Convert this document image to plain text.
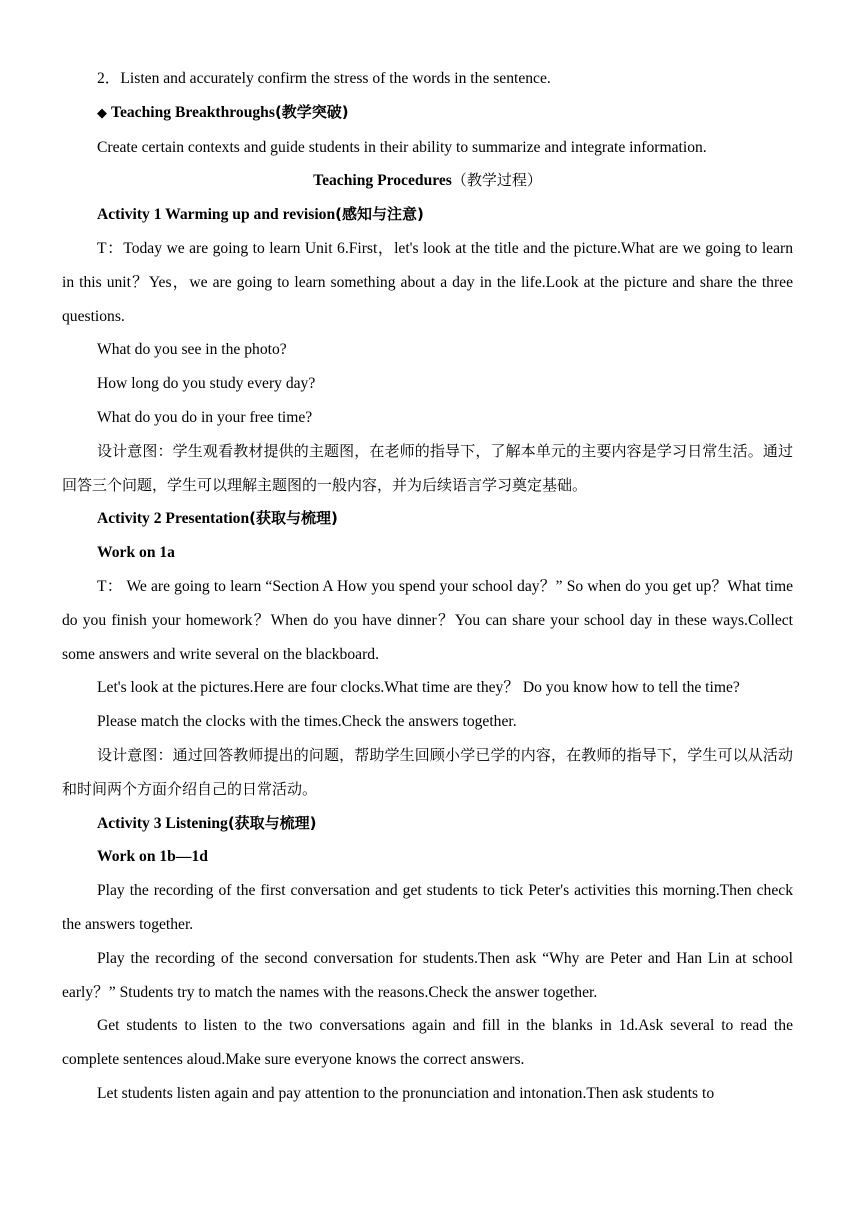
2．Listen and accurately confirm the stress of the words in the sentence.

◆ Teaching Breakthroughs(教学突破)

Create certain contexts and guide students in their ability to summarize and integrate information.

Teaching Procedures（教学过程）

Activity 1 Warming up and revision(感知与注意)

T：Today we are going to learn Unit 6.First，let's look at the title and the picture.What are we going to learn in this unit？Yes，we are going to learn something about a day in the life.Look at the picture and share the three questions.

What do you see in the photo?

How long do you study every day?

What do you do in your free time?

设计意图：学生观看教材提供的主题图，在老师的指导下，了解本单元的主要内容是学习日常生活。通过回答三个问题，学生可以理解主题图的一般内容，并为后续语言学习奠定基础。

Activity 2 Presentation(获取与梳理)

Work on 1a

T： We are going to learn “Section A How you spend your school day？” So when do you get up？What time do you finish your homework？When do you have dinner？You can share your school day in these ways.Collect some answers and write several on the blackboard.

Let's look at the pictures.Here are four clocks.What time are they？ Do you know how to tell the time?

Please match the clocks with the times.Check the answers together.

设计意图：通过回答教师提出的问题，帮助学生回顾小学已学的内容，在教师的指导下，学生可以从活动和时间两个方面介绍自己的日常活动。

Activity 3 Listening(获取与梳理)

Work on 1b—1d

Play the recording of the first conversation and get students to tick Peter's activities this morning.Then check the answers together.

Play the recording of the second conversation for students.Then ask “Why are Peter and Han Lin at school early？” Students try to match the names with the reasons.Check the answer together.

Get students to listen to the two conversations again and fill in the blanks in 1d.Ask several to read the complete sentences aloud.Make sure everyone knows the correct answers.

Let students listen again and pay attention to the pronunciation and intonation.Then ask students to
